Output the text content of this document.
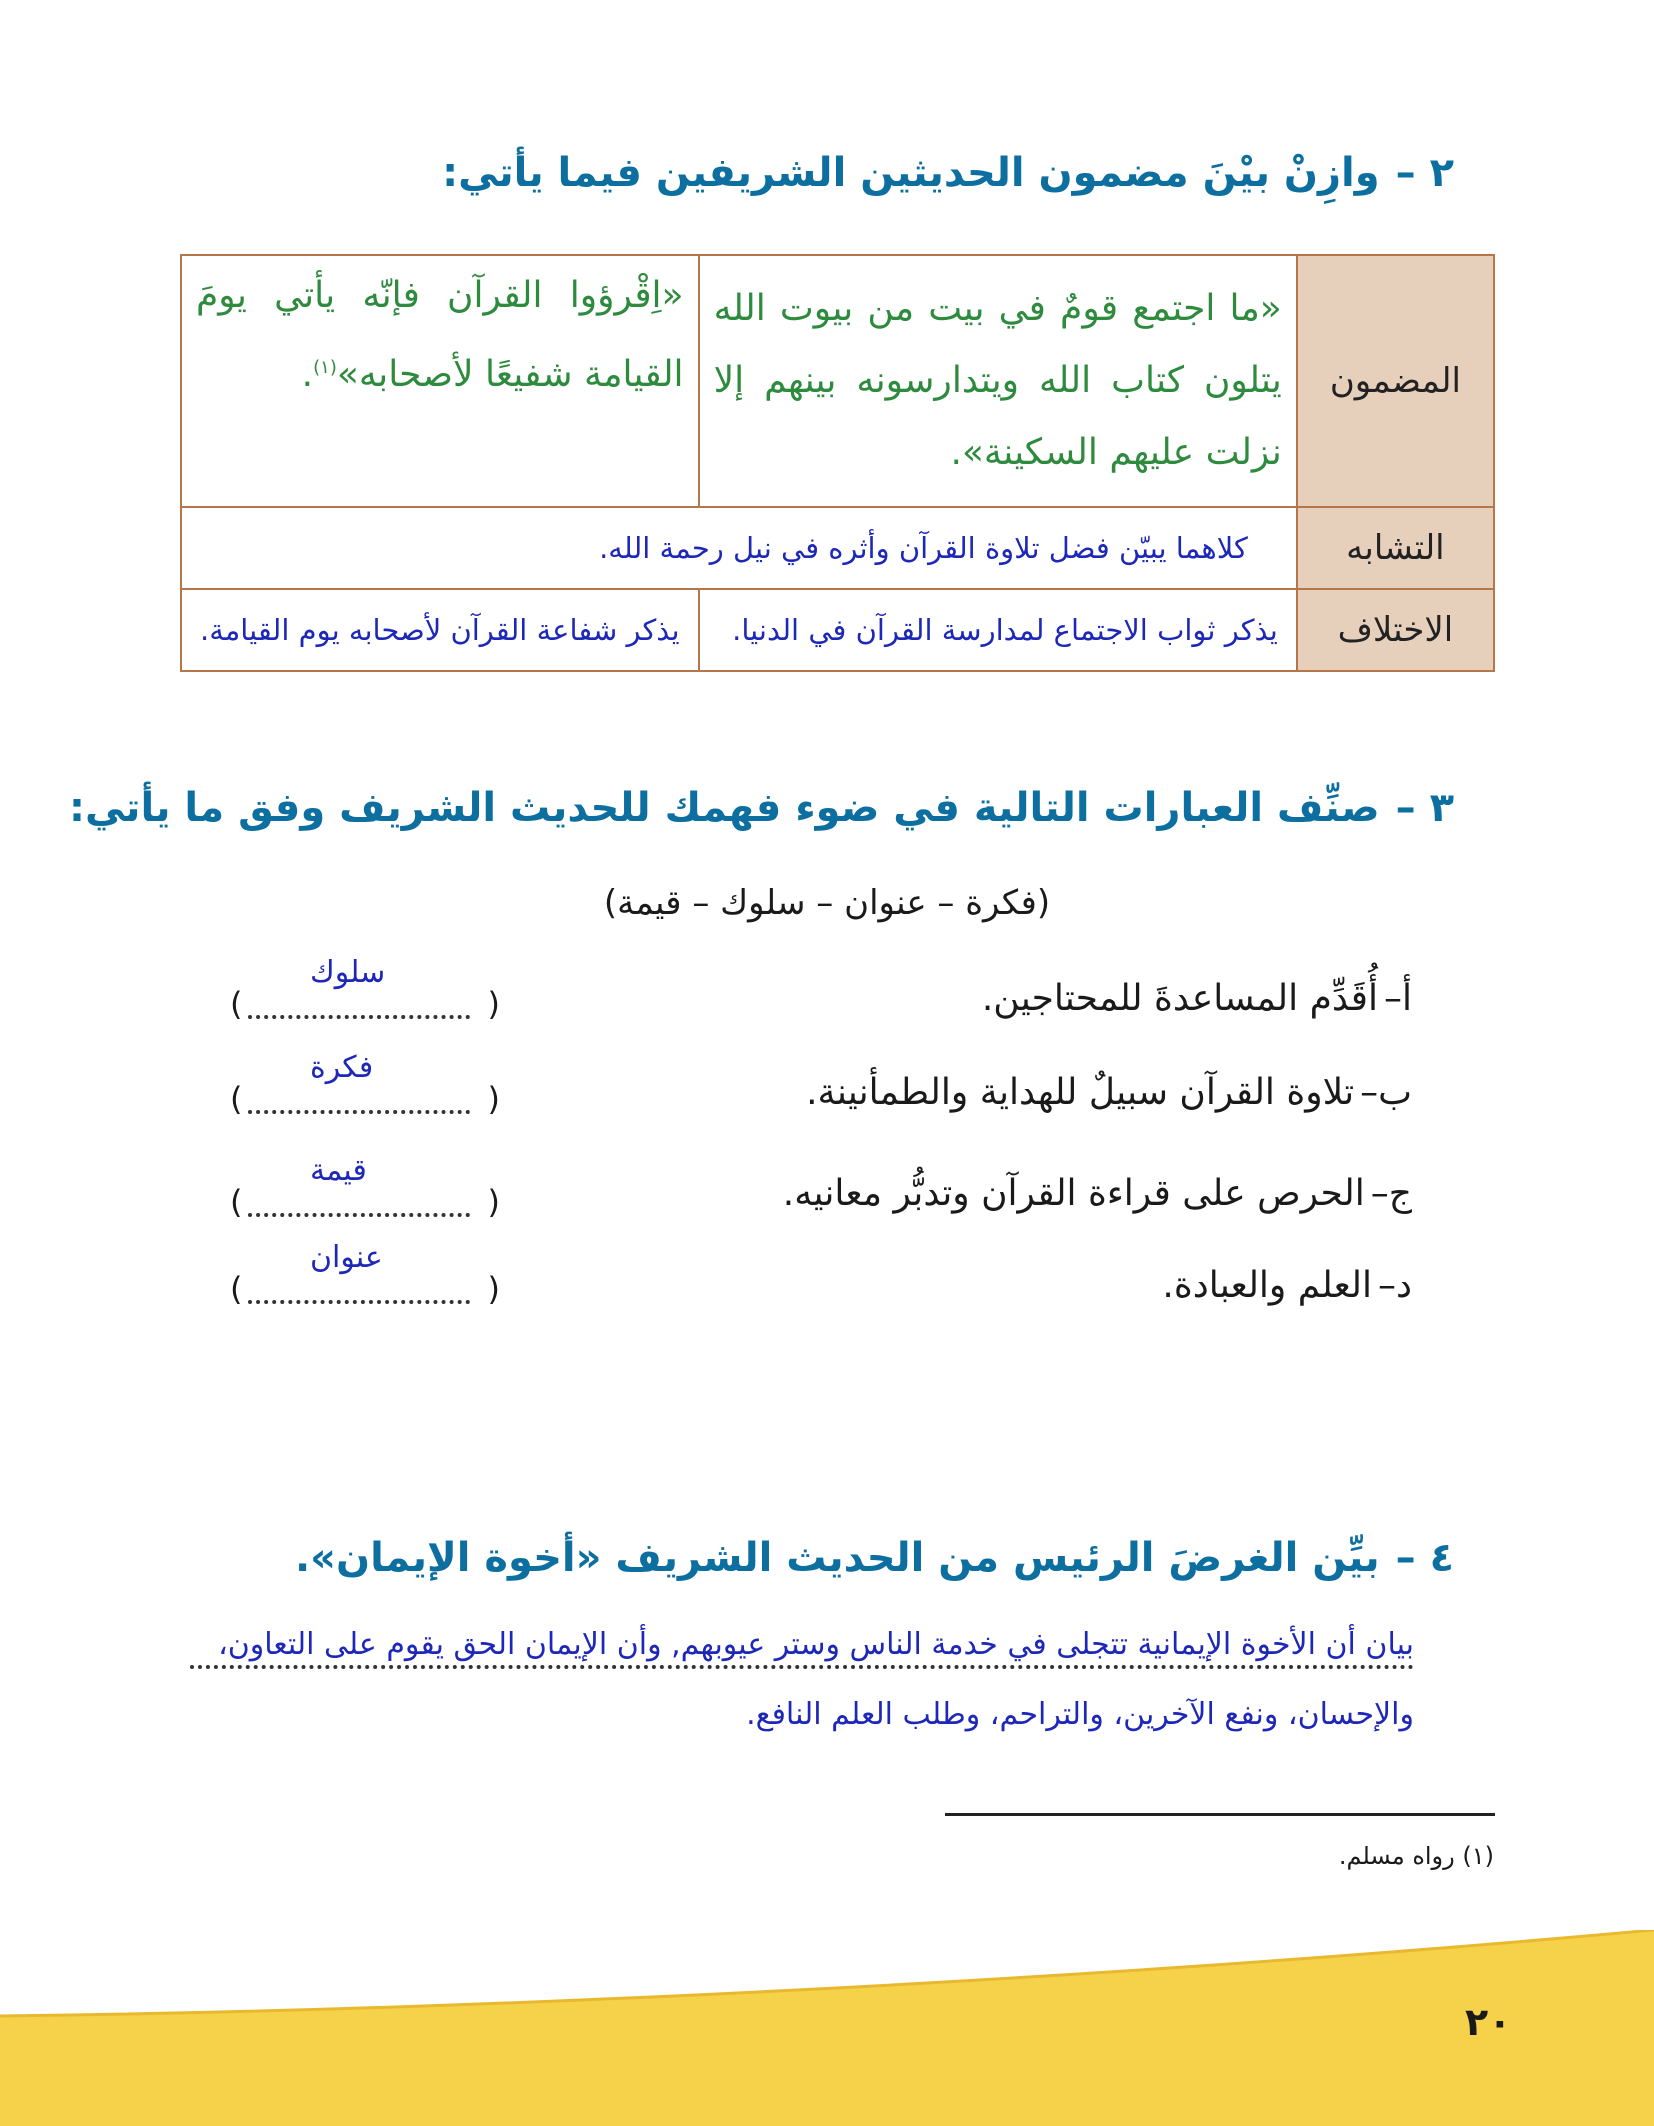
٢ –وازِنْ بيْنَ مضمون الحديثين الشريفين فيما يأتي:
المضمون	«ما اجتمع قومٌ في بيت من بيوت الله يتلون كتاب الله ويتدارسونه بينهم إلا نزلت عليهم السكينة».	«اِقْرؤوا القرآن فإنّه يأتي يومَ القيامة شفيعًا لأصحابه»$^{(١)}$.
التشابه	كلاهما يبيّن فضل تلاوة القرآن وأثره في نيل رحمة الله.	
الاختلاف	يذكر ثواب الاجتماع لمدارسة القرآن في الدنيا.	يذكر شفاعة القرآن لأصحابه يوم القيامة.
٣ –صنِّف العبارات التالية في ضوء فهمك للحديث الشريف وفق ما يأتي:
(فكرة – عنوان – سلوك – قيمة)
أ–أُقَدِّم المساعدةَ للمحتاجين.
(
سلوك
)
ب–تلاوة القرآن سبيلٌ للهداية والطمأنينة.
(
فكرة
)
ج–الحرص على قراءة القرآن وتدبُّر معانيه.
(
قيمة
)
د–العلم والعبادة.
(
عنوان
)
٤ –بيِّن الغرضَ الرئيس من الحديث الشريف «أخوة الإيمان».
بيان أن الأخوة الإيمانية تتجلى في خدمة الناس وستر عيوبهم, وأن الإيمان الحق يقوم على التعاون، والإحسان، ونفع الآخرين، والتراحم، وطلب العلم النافع.
(١) رواه مسلم.
٢٠
